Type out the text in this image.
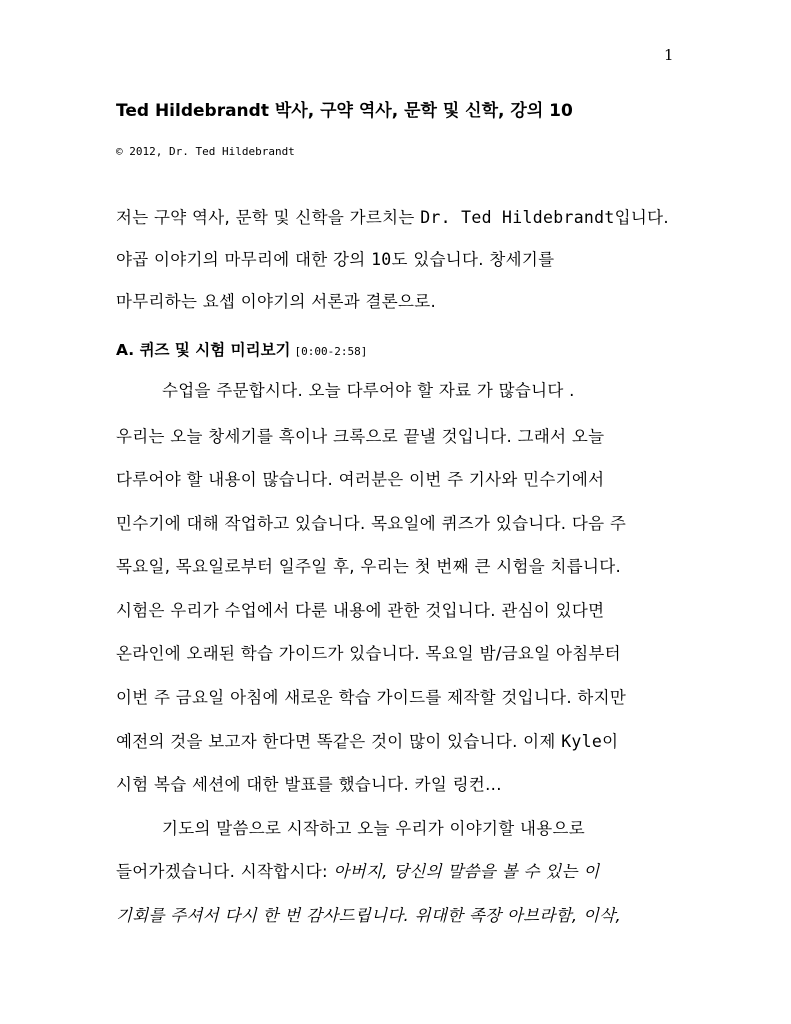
1
Ted Hildebrandt 박사, 구약 역사, 문학 및 신학, 강의 10
© 2012, Dr. Ted Hildebrandt
저는 구약 역사, 문학 및 신학을 가르치는 Dr. Ted Hildebrandt입니다.
야곱 이야기의 마무리에 대한 강의 10도 있습니다. 창세기를
마무리하는 요셉 이야기의 서론과 결론으로.
A. 퀴즈 및 시험 미리보기 [0:00-2:58]
수업을 주문합시다. 오늘 다루어야 할 자료 가 많습니다 .
우리는 오늘 창세기를 흑이나 크록으로 끝낼 것입니다. 그래서 오늘
다루어야 할 내용이 많습니다. 여러분은 이번 주 기사와 민수기에서
민수기에 대해 작업하고 있습니다. 목요일에 퀴즈가 있습니다. 다음 주
목요일, 목요일로부터 일주일 후, 우리는 첫 번째 큰 시험을 치릅니다.
시험은 우리가 수업에서 다룬 내용에 관한 것입니다. 관심이 있다면
온라인에 오래된 학습 가이드가 있습니다. 목요일 밤/금요일 아침부터
이번 주 금요일 아침에 새로운 학습 가이드를 제작할 것입니다. 하지만
예전의 것을 보고자 한다면 똑같은 것이 많이 있습니다. 이제 Kyle이
시험 복습 세션에 대한 발표를 했습니다. 카일 링컨...
기도의 말씀으로 시작하고 오늘 우리가 이야기할 내용으로
들어가겠습니다. 시작합시다: 아버지, 당신의 말씀을 볼 수 있는 이
기회를 주셔서 다시 한 번 감사드립니다. 위대한 족장 아브라함, 이삭,
